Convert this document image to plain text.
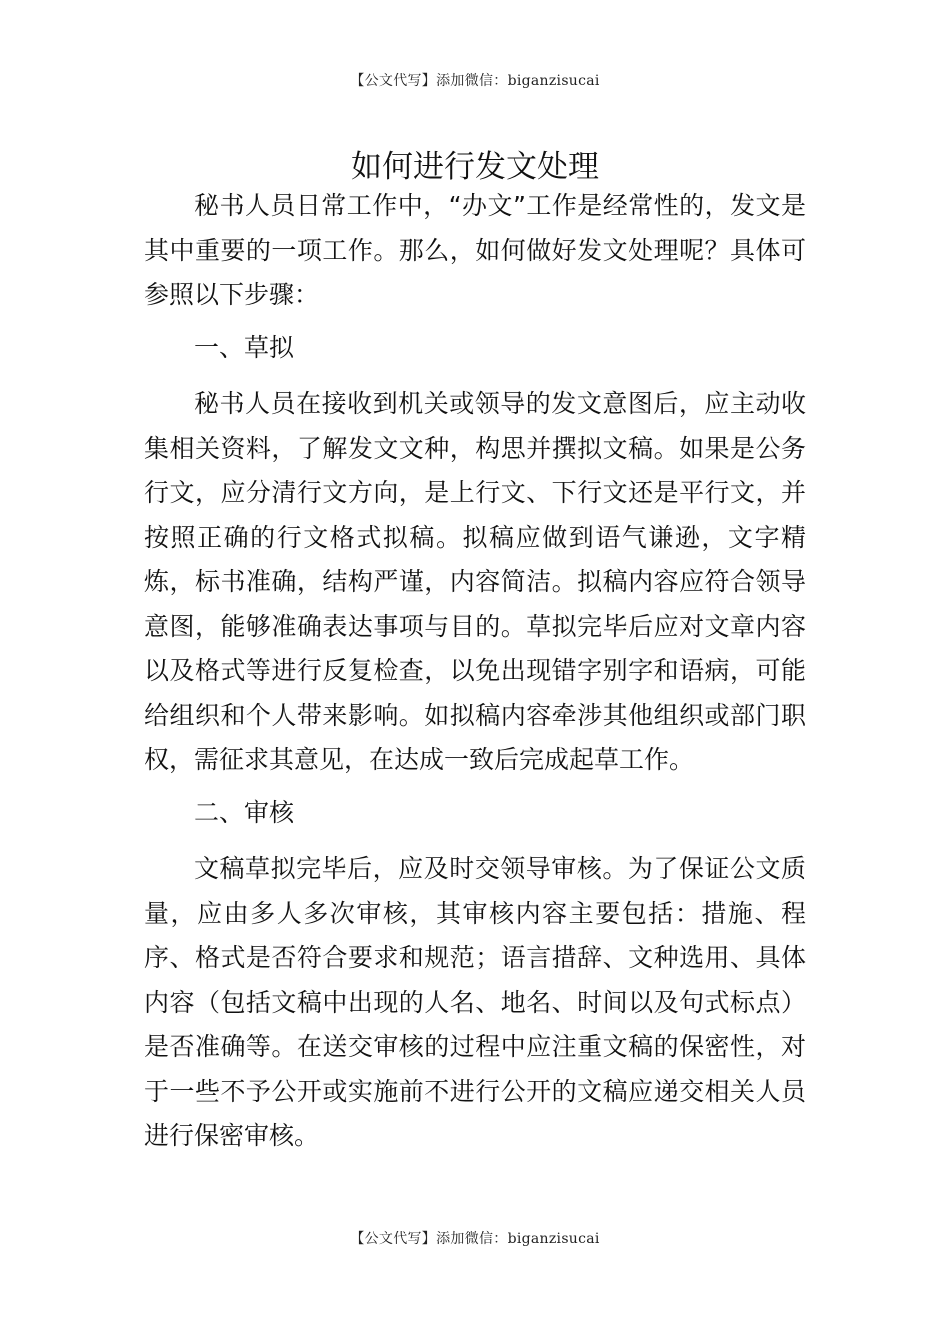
【公文代写】添加微信：biganzisucai
如何进行发文处理

秘书人员日常工作中，“办文”工作是经常性的，发文是其中重要的一项工作。那么，如何做好发文处理呢？具体可参照以下步骤：

一、草拟

秘书人员在接收到机关或领导的发文意图后，应主动收集相关资料，了解发文文种，构思并撰拟文稿。如果是公务行文，应分清行文方向，是上行文、下行文还是平行文，并按照正确的行文格式拟稿。拟稿应做到语气谦逊，文字精炼，标书准确，结构严谨，内容简洁。拟稿内容应符合领导意图，能够准确表达事项与目的。草拟完毕后应对文章内容以及格式等进行反复检查，以免出现错字别字和语病，可能给组织和个人带来影响。如拟稿内容牵涉其他组织或部门职权，需征求其意见，在达成一致后完成起草工作。

二、审核

文稿草拟完毕后，应及时交领导审核。为了保证公文质量，应由多人多次审核，其审核内容主要包括：措施、程序、格式是否符合要求和规范；语言措辞、文种选用、具体内容（包括文稿中出现的人名、地名、时间以及句式标点）是否准确等。在送交审核的过程中应注重文稿的保密性，对于一些不予公开或实施前不进行公开的文稿应递交相关人员进行保密审核。

【公文代写】添加微信：biganzisucai
